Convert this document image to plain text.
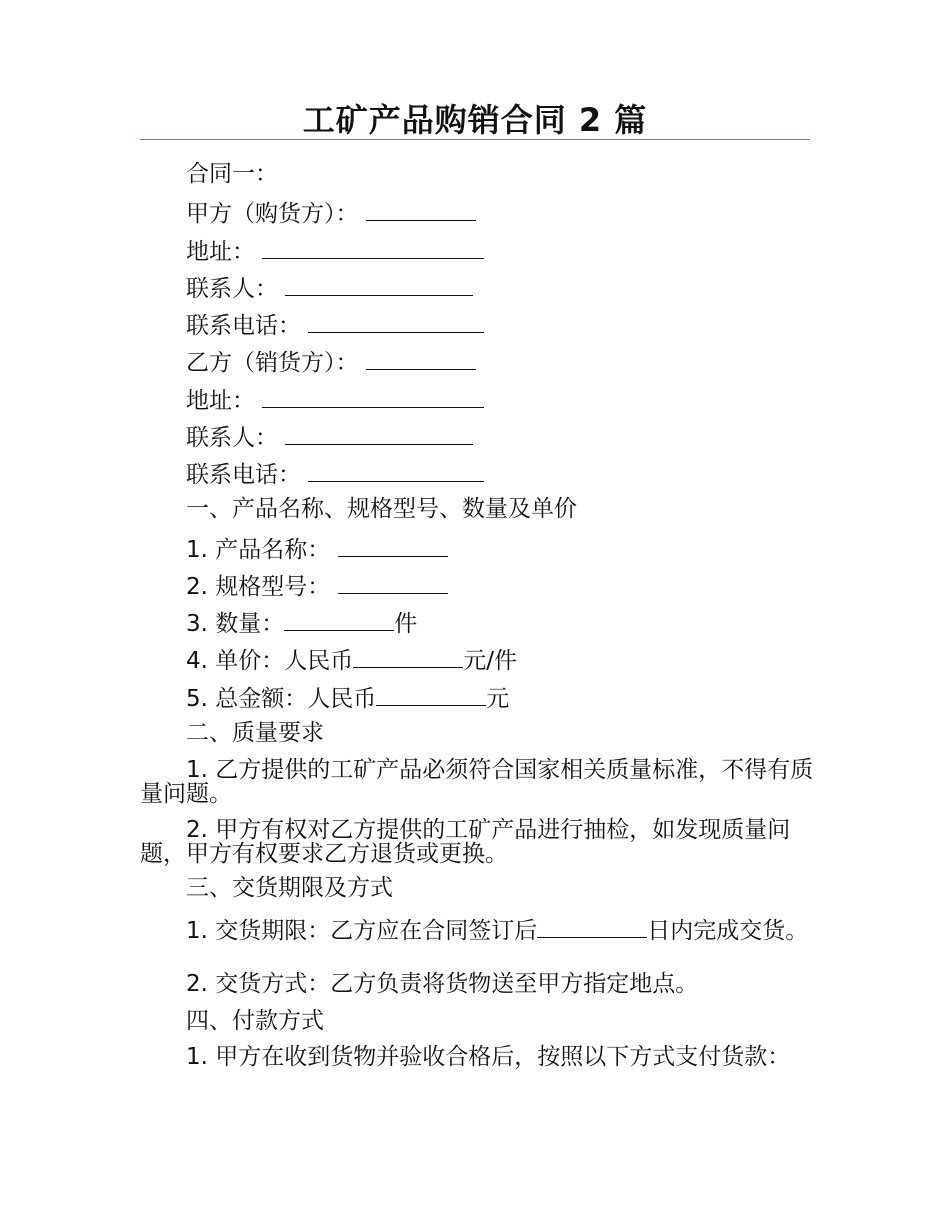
工矿产品购销合同 2 篇
合同一：
甲方（购货方）：
地址：
联系人：
联系电话：
乙方（销货方）：
地址：
联系人：
联系电话：
一、产品名称、规格型号、数量及单价
1. 产品名称：
2. 规格型号：
3. 数量：	件
4. 单价：人民币	元/件
5. 总金额：人民币	元
二、质量要求
1. 乙方提供的工矿产品必须符合国家相关质量标准，不得有质量问题。
2. 甲方有权对乙方提供的工矿产品进行抽检，如发现质量问题，甲方有权要求乙方退货或更换。
三、交货期限及方式
1. 交货期限：乙方应在合同签订后	日内完成交货。
2. 交货方式：乙方负责将货物送至甲方指定地点。
四、付款方式
1. 甲方在收到货物并验收合格后，按照以下方式支付货款：
